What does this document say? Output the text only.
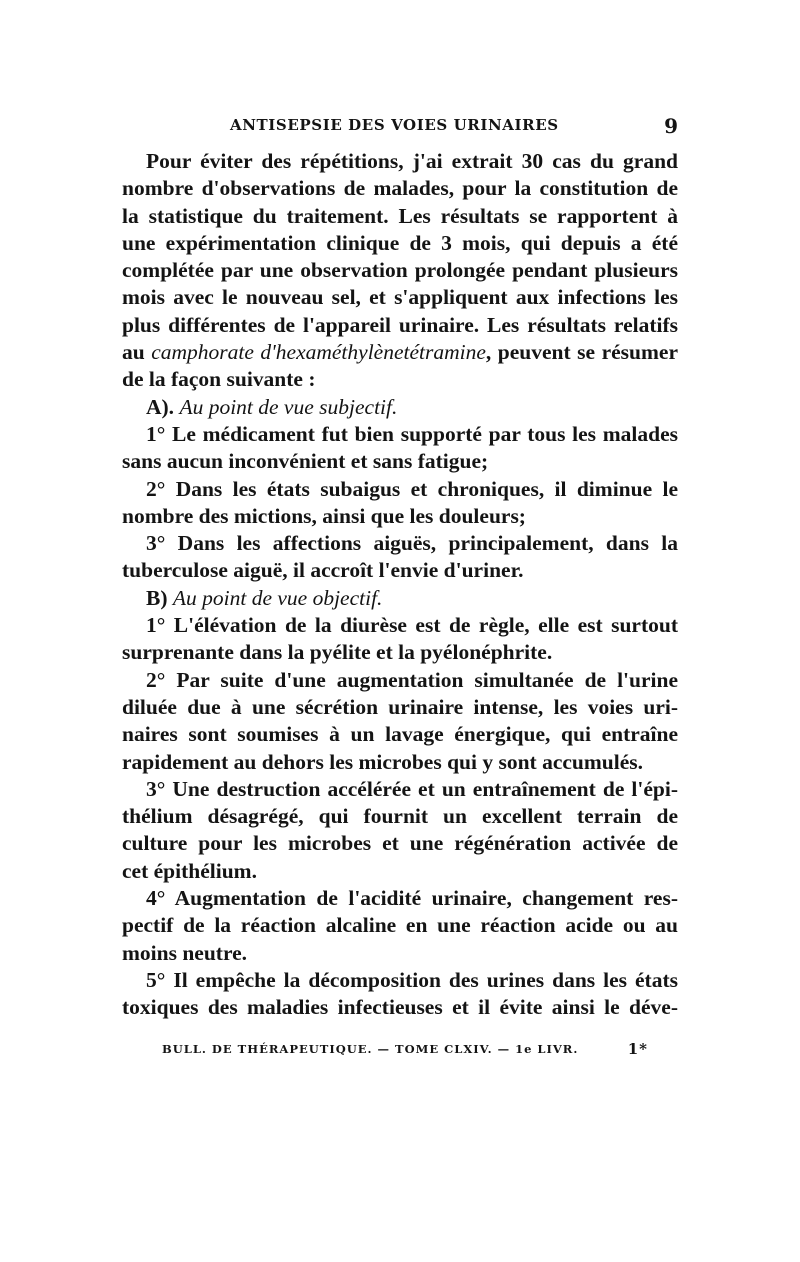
ANTISEPSIE DES VOIES URINAIRES	9
Pour éviter des répétitions, j'ai extrait 30 cas du grand
nombre d'observations de malades, pour la constitution de
la statistique du traitement. Les résultats se rapportent à
une expérimentation clinique de 3 mois, qui depuis a été
complétée par une observation prolongée pendant plusieurs
mois avec le nouveau sel, et s'appliquent aux infections les
plus différentes de l'appareil urinaire. Les résultats relatifs
au camphorate d'hexaméthylènetétramine, peuvent se résumer
de la façon suivante :
A). Au point de vue subjectif.
1° Le médicament fut bien supporté par tous les malades
sans aucun inconvénient et sans fatigue;
2° Dans les états subaigus et chroniques, il diminue le
nombre des mictions, ainsi que les douleurs;
3° Dans les affections aiguës, principalement, dans la
tuberculose aiguë, il accroît l'envie d'uriner.
B) Au point de vue objectif.
1° L'élévation de la diurèse est de règle, elle est surtout
surprenante dans la pyélite et la pyélonéphrite.
2° Par suite d'une augmentation simultanée de l'urine
diluée due à une sécrétion urinaire intense, les voies uri-
naires sont soumises à un lavage énergique, qui entraîne
rapidement au dehors les microbes qui y sont accumulés.
3° Une destruction accélérée et un entraînement de l'épi-
thélium désagrégé, qui fournit un excellent terrain de
culture pour les microbes et une régénération activée de
cet épithélium.
4° Augmentation de l'acidité urinaire, changement res-
pectif de la réaction alcaline en une réaction acide ou au
moins neutre.
5° Il empêche la décomposition des urines dans les états
toxiques des maladies infectieuses et il évite ainsi le déve-
BULL. DE THÉRAPEUTIQUE. — TOME CLXIV. — 1e LIVR.	1*
